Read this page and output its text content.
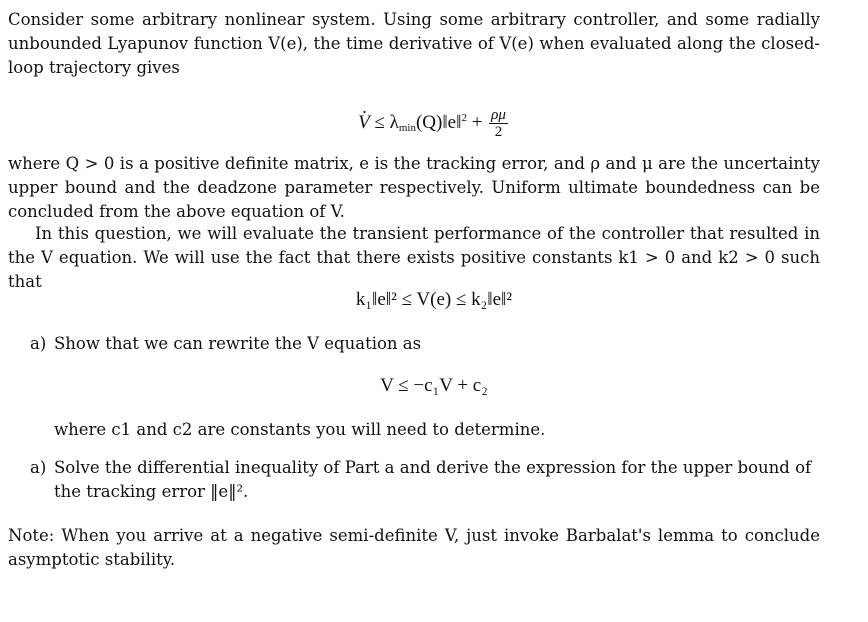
Consider some arbitrary nonlinear system. Using some arbitrary controller, and some radially unbounded Lyapunov function V(e), the time derivative of V(e) when evaluated along the closed-loop trajectory gives
· $V \le \lambda_{min}(Q)‖e‖^2 + \frac{\rho\mu}{2}$
where Q > 0 is a positive definite matrix, e is the tracking error, and ρ and μ are the uncertainty upper bound and the deadzone parameter respectively. Uniform ultimate boundedness can be concluded from the above equation of V.
In this question, we will evaluate the transient performance of the controller that resulted in the V equation. We will use the fact that there exists positive constants k1 > 0 and k2 > 0 such that
k₁‖e‖² ≤ V(e) ≤ k₂‖e‖²
a) Show that we can rewrite the V equation as
V ≤ −c₁V + c₂
where c1 and c2 are constants you will need to determine.
a) Solve the differential inequality of Part a and derive the expression for the upper bound of the tracking error ‖e‖².
Note: When you arrive at a negative semi-definite V, just invoke Barbalat's lemma to conclude asymptotic stability.
